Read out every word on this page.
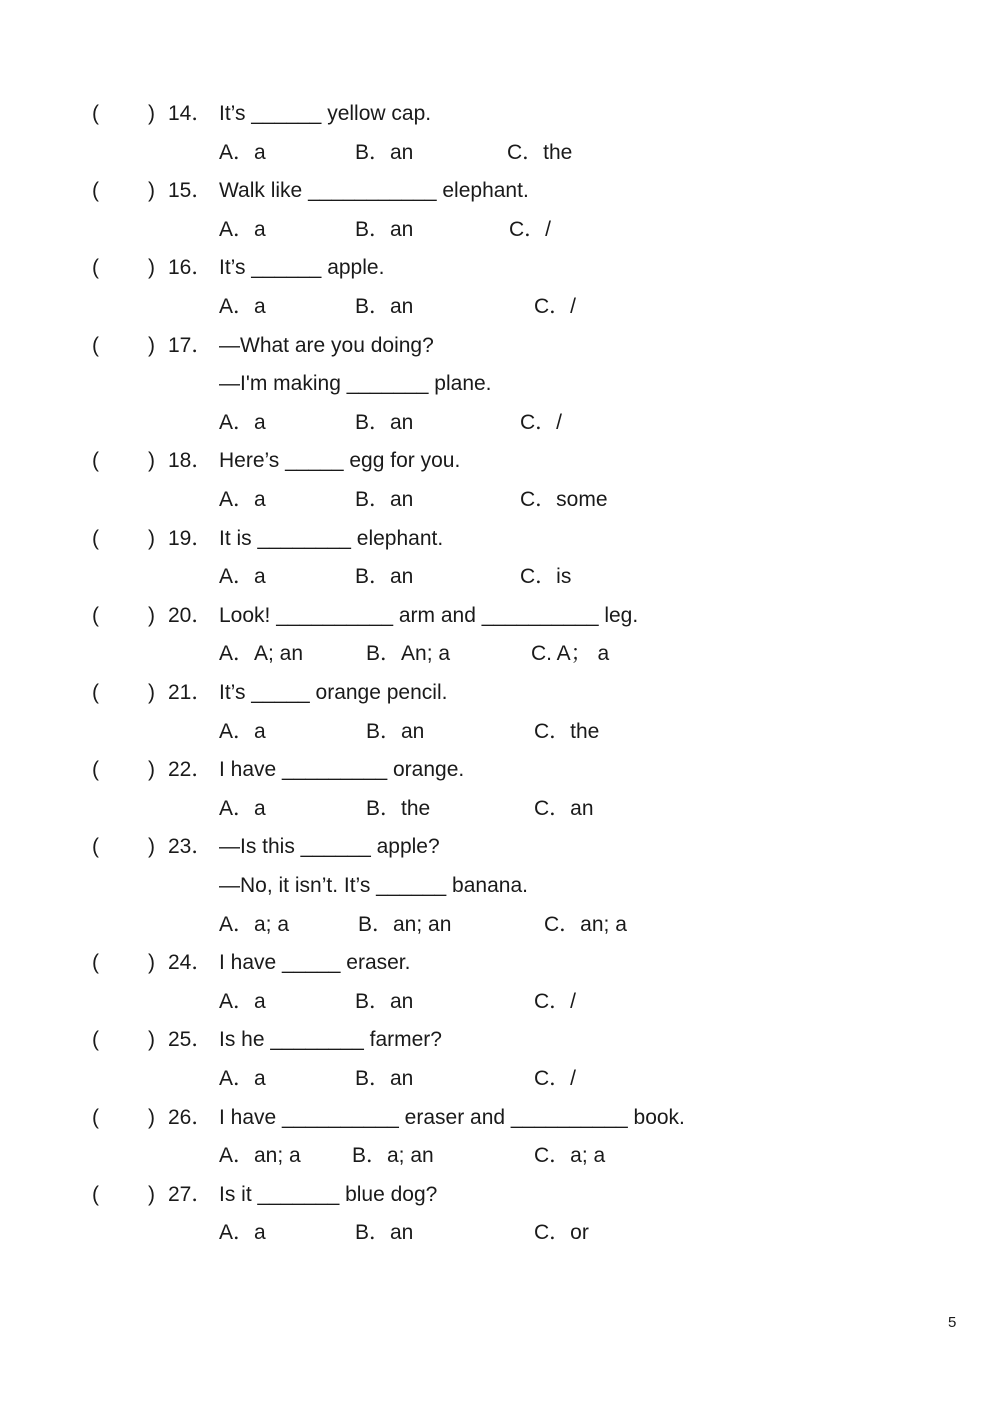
( ) 14． It’s ______ yellow cap.
A．a	B．an	C．the
( ) 15． Walk like ___________ elephant.
A．a	B．an	C．/
( ) 16． It’s ______ apple.
A．a	B．an	C．/
( ) 17． —What are you doing?
—I'm making _______ plane.
A．a	B．an	C．/
( ) 18． Here’s _____ egg for you.
A．a	B．an	C．some
( ) 19． It is ________ elephant.
A．a	B．an	C．is
( ) 20． Look! __________ arm and __________ leg.
A．A; an	B．An; a	C. A； a
( ) 21． It’s _____ orange pencil.
A．a	B．an	C．the
( ) 22． I have _________ orange.
A．a	B．the	C．an
( ) 23． —Is this ______ apple?
—No, it isn’t. It’s ______ banana.
A．a; a	B．an; an	C．an; a
( ) 24． I have _____ eraser.
A．a	B．an	C．/
( ) 25． Is he ________ farmer?
A．a	B．an	C．/
( ) 26． I have __________ eraser and __________ book.
A．an; a B．a; an	C．a; a
( ) 27． Is it _______ blue dog?
A．a	B．an	C．or
5
